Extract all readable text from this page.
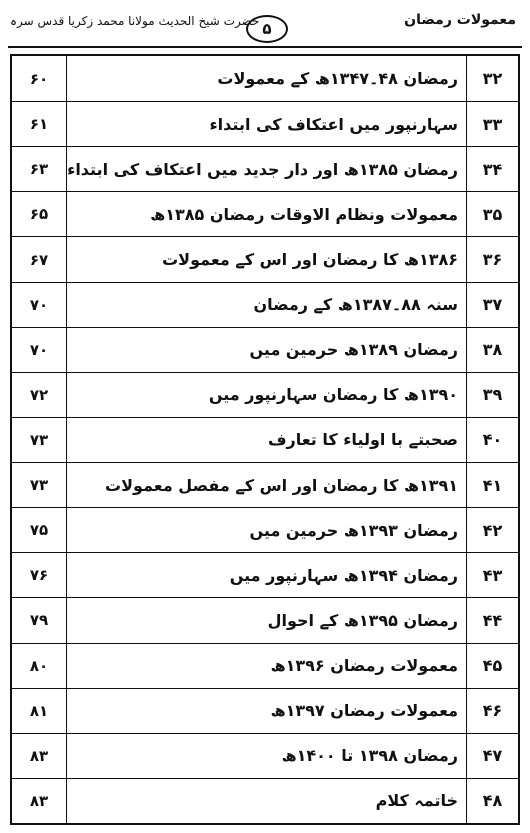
حضرت شیخ الحدیث مولانا محمد زکریا قدس سرہ ۵	معمولات رمضان
۶۰	رمضان ۴۸۔۱۳۴۷ھ کے معمولات	۳۲
۶۱	سہارنپور میں اعتکاف کی ابتداء	۳۳
۶۳	رمضان ۱۳۸۵ھ اور دار جدید میں اعتکاف کی ابتداء	۳۴
۶۵	معمولات ونظام الاوقات رمضان ۱۳۸۵ھ	۳۵
۶۷	۱۳۸۶ھ کا رمضان اور اس کے معمولات	۳۶
۷۰	سنہ ۸۸۔۱۳۸۷ھ کے رمضان	۳۷
۷۰	رمضان ۱۳۸۹ھ حرمین میں	۳۸
۷۲	۱۳۹۰ھ کا رمضان سہارنپور میں	۳۹
۷۳	صحبتے با اولیاء کا تعارف	۴۰
۷۳	۱۳۹۱ھ کا رمضان اور اس کے مفصل معمولات	۴۱
۷۵	رمضان ۱۳۹۳ھ حرمین میں	۴۲
۷۶	رمضان ۱۳۹۴ھ سہارنپور میں	۴۳
۷۹	رمضان ۱۳۹۵ھ کے احوال	۴۴
۸۰	معمولات رمضان ۱۳۹۶ھ	۴۵
۸۱	معمولات رمضان ۱۳۹۷ھ	۴۶
۸۳	رمضان ۱۳۹۸ تا ۱۴۰۰ھ	۴۷
۸۳	خاتمہ کلام	۴۸
